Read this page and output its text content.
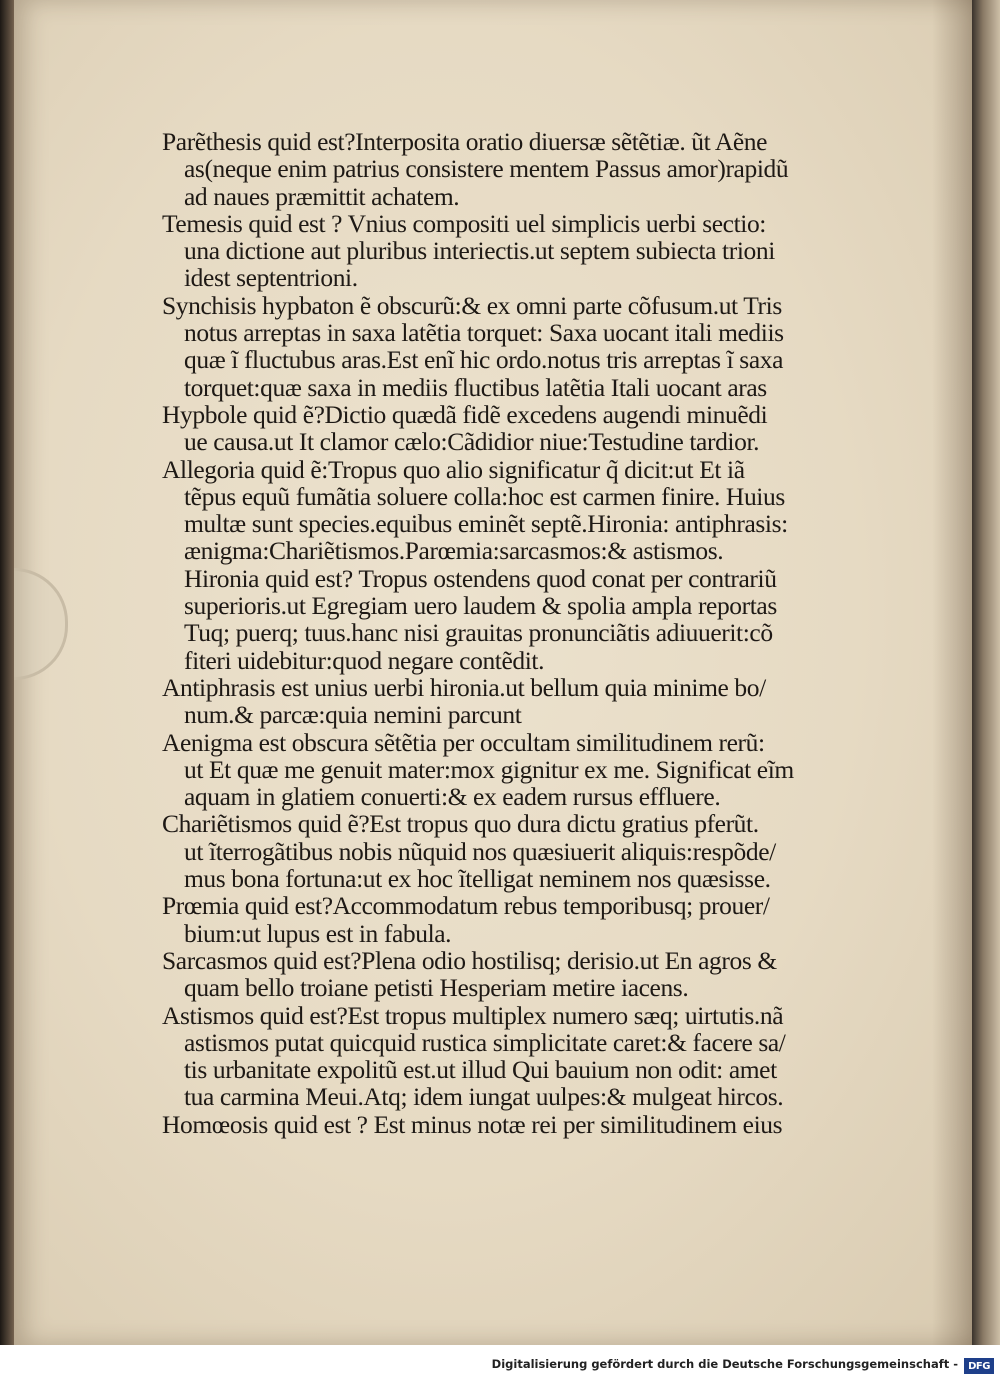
Parẽthesis quid est?Interposita oratio diuersæ sẽtẽtiæ. ũt Aẽne
as(neque enim patrius consistere mentem Passus amor)rapidũ
ad naues præmittit achatem.
Temesis quid est ? Vnius compositi uel simplicis uerbi sectio:
una dictione aut pluribus interiectis.ut septem subiecta trioni
idest septentrioni.
Synchisis hypbaton ẽ obscurũ:& ex omni parte cõfusum.ut Tris
notus arreptas in saxa latẽtia torquet: Saxa uocant itali mediis
quæ ĩ fluctubus aras.Est enĩ hic ordo.notus tris arreptas ĩ saxa
torquet:quæ saxa in mediis fluctibus latẽtia Itali uocant aras
Hypbole quid ẽ?Dictio quædã fidẽ excedens augendi minuẽdi
ue causa.ut It clamor cælo:Cãdidior niue:Testudine tardior.
Allegoria quid ẽ:Tropus quo alio significatur q̃ dicit:ut Et iã
tẽpus equũ fumãtia soluere colla:hoc est carmen finire. Huius
multæ sunt species.equibus eminẽt septẽ.Hironia: antiphrasis:
ænigma:Chariẽtismos.Parœmia:sarcasmos:& astismos.
Hironia quid est? Tropus ostendens quod conat per contrariũ
superioris.ut Egregiam uero laudem & spolia ampla reportas
Tuq; puerq; tuus.hanc nisi grauitas pronunciãtis adiuuerit:cõ
fiteri uidebitur:quod negare contẽdit.
Antiphrasis est unius uerbi hironia.ut bellum quia minime bo/
num.& parcæ:quia nemini parcunt
Aenigma est obscura sẽtẽtia per occultam similitudinem rerũ:
ut Et quæ me genuit mater:mox gignitur ex me. Significat eĩm
aquam in glatiem conuerti:& ex eadem rursus effluere.
Chariẽtismos quid ẽ?Est tropus quo dura dictu gratius pferũt.
ut ĩterrogãtibus nobis nũquid nos quæsiuerit aliquis:respõde/
mus bona fortuna:ut ex hoc ĩtelligat neminem nos quæsisse.
Prœmia quid est?Accommodatum rebus temporibusq; prouer/
bium:ut lupus est in fabula.
Sarcasmos quid est?Plena odio hostilisq; derisio.ut En agros &
quam bello troiane petisti Hesperiam metire iacens.
Astismos quid est?Est tropus multiplex numero sæq; uirtutis.nã
astismos putat quicquid rustica simplicitate caret:& facere sa/
tis urbanitate expolitũ est.ut illud Qui bauium non odit: amet
tua carmina Meui.Atq; idem iungat uulpes:& mulgeat hircos.
Homœosis quid est ? Est minus notæ rei per similitudinem eius
Digitalisierung gefördert durch die Deutsche Forschungsgemeinschaft -	DFG
